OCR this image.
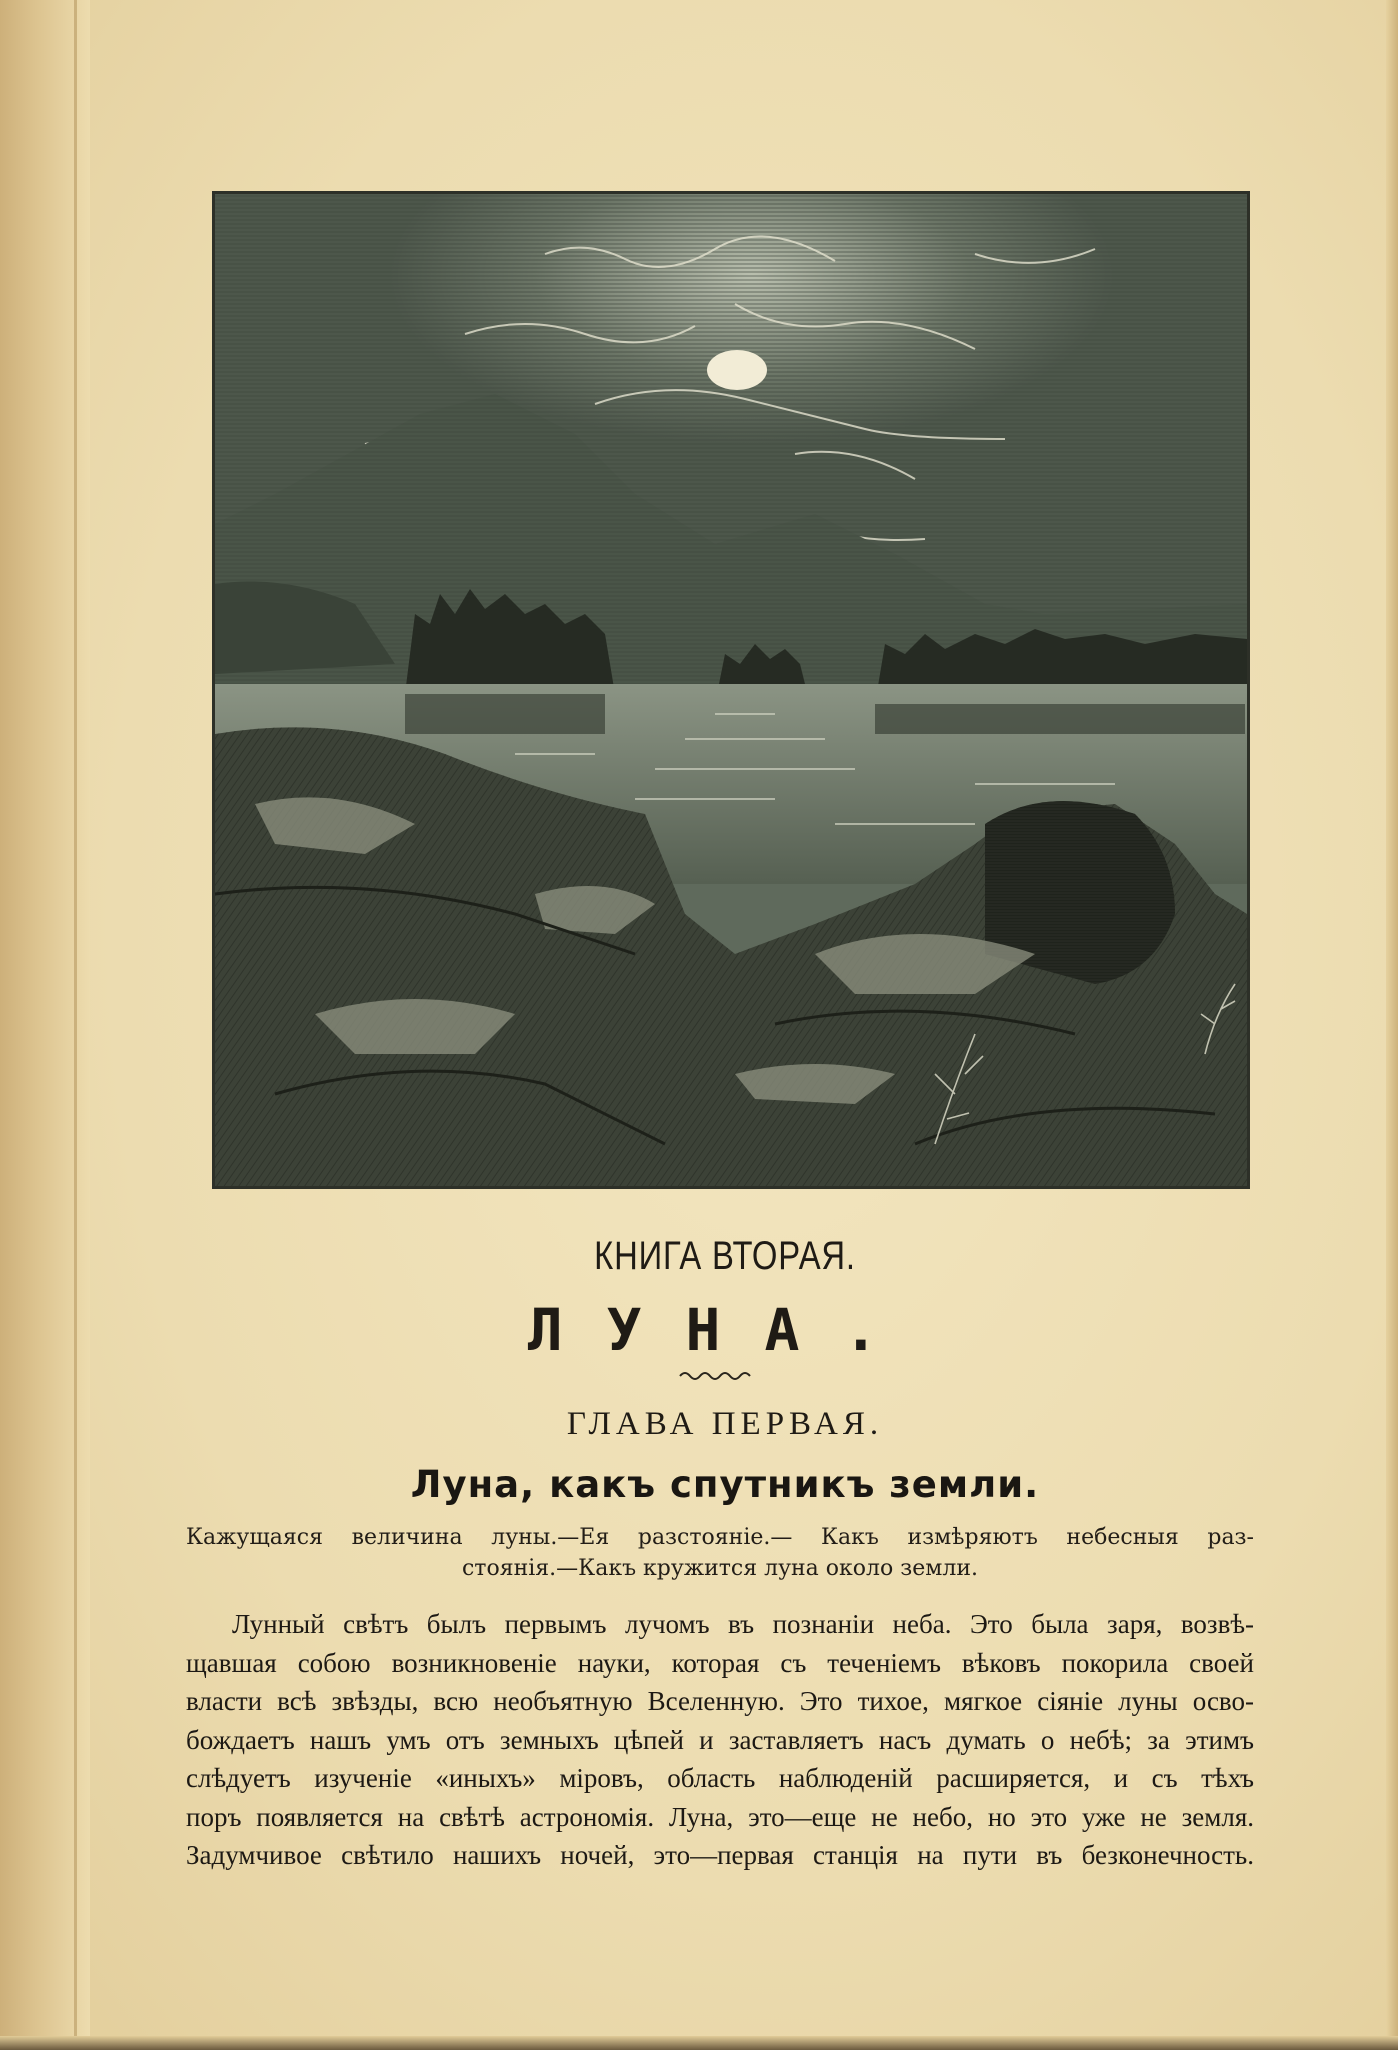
КНИГА ВТОРАЯ.
ЛУНА.
ГЛАВА ПЕРВАЯ.
Луна, какъ спутникъ земли.
Кажущаяся величина луны.—Ея разстояніе.— Какъ измѣряютъ небесныя раз-
стоянія.—Какъ кружится луна около земли.
Лунный свѣтъ былъ первымъ лучомъ въ познаніи неба. Это была заря, возвѣ-
щавшая собою возникновеніе науки, которая съ теченіемъ вѣковъ покорила своей
власти всѣ звѣзды, всю необъятную Вселенную. Это тихое, мягкое сіяніе луны осво-
бождаетъ нашъ умъ отъ земныхъ цѣпей и заставляетъ насъ думать о небѣ; за этимъ
слѣдуетъ изученіе «иныхъ» міровъ, область наблюденій расширяется, и съ тѣхъ
поръ появляется на свѣтѣ астрономія. Луна, это—еще не небо, но это уже не земля.
Задумчивое свѣтило нашихъ ночей, это—первая станція на пути въ безконечность.
